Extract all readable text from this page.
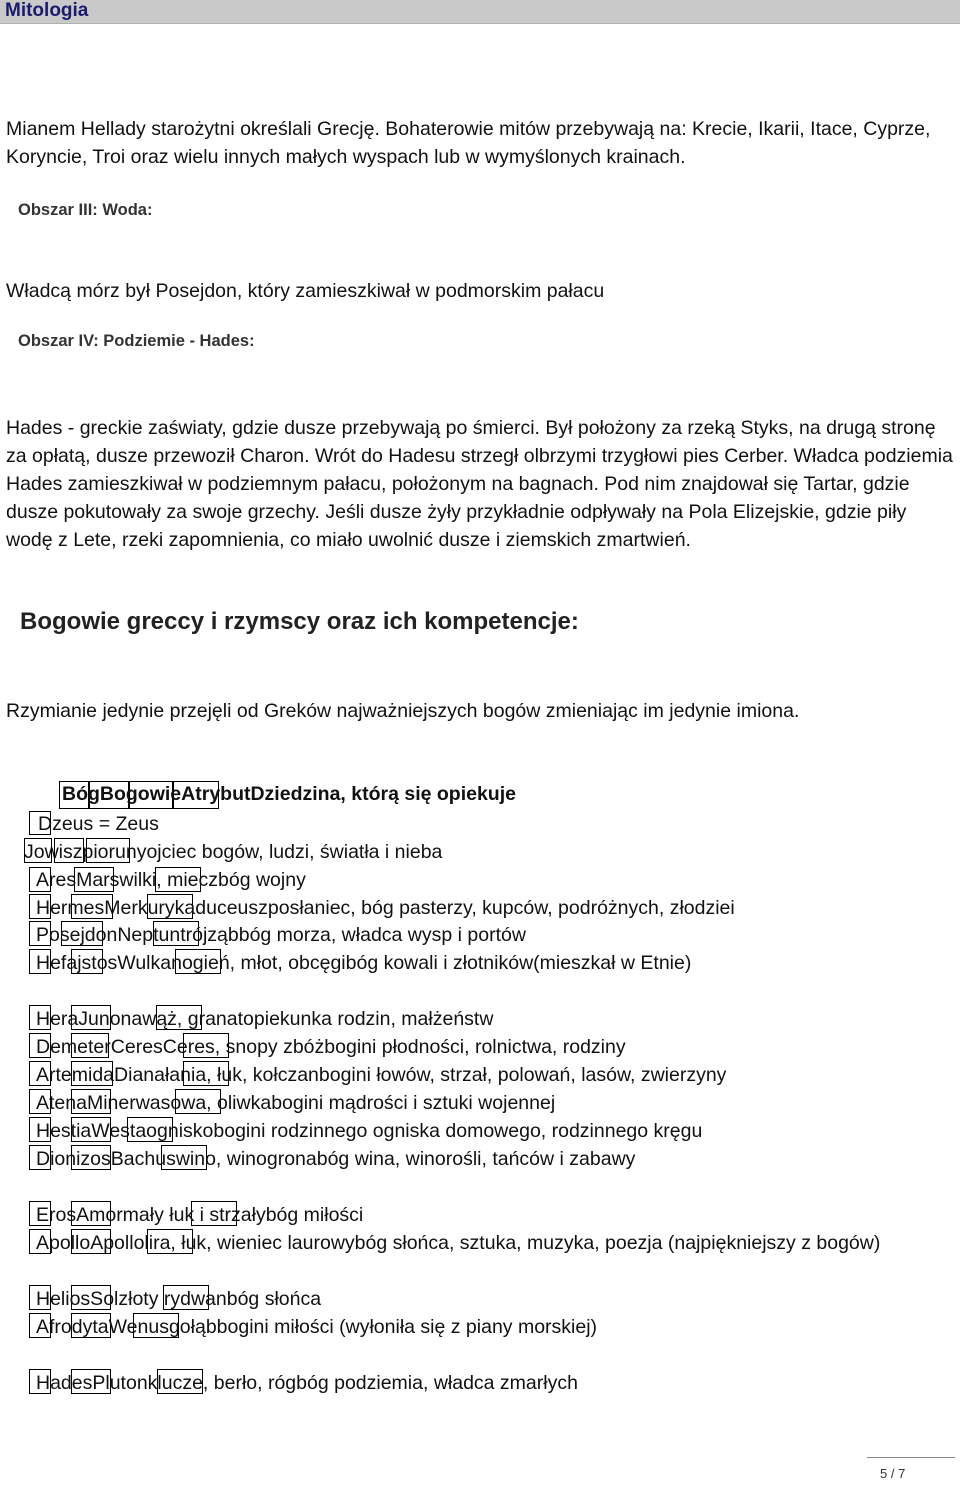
Mitologia

Mianem Hellady starożytni określali Grecję. Bohaterowie mitów przebywają na: Krecie, Ikarii, Itace, Cyprze, Koryncie, Troi oraz wielu innych małych wyspach lub w wymyślonych krainach.

Obszar III: Woda:

Władcą mórz był Posejdon, który zamieszkiwał w podmorskim pałacu

Obszar IV: Podziemie - Hades:

Hades - greckie zaświaty, gdzie dusze przebywają po śmierci. Był położony za rzeką Styks, na drugą stronę za opłatą, dusze przewoził Charon. Wrót do Hadesu strzegł olbrzymi trzygłowi pies Cerber. Władca podziemia Hades zamieszkiwał w podziemnym pałacu, położonym na bagnach. Pod nim znajdował się Tartar, gdzie dusze pokutowały za swoje grzechy. Jeśli dusze żyły przykładnie odpływały na Pola Elizejskie, gdzie piły wodę z Lete, rzeki zapomnienia, co miało uwolnić dusze i ziemskich zmartwień.

Bogowie greccy i rzymscy oraz ich kompetencje:

Rzymianie jedynie przejęli od Greków najważniejszych bogów zmieniając im jedynie imiona.

BógBogowieAtrybutDziedzina, którą się opiekuje
Dzeus = Zeus
Jowiszpiorunyojciec bogów, ludzi, światła i nieba
AresMarswilki, mieczbóg wojny
HermesMerkurykaduceuszposłaniec, bóg pasterzy, kupców, podróżnych, złodziei
PosejdonNeptuntrójząbbóg morza, władca wysp i portów
HefajstosWulkanogień, młot, obcęgibóg kowali i złotników(mieszkał w Etnie)
HeraJunonawąż, granatopiekunka rodzin, małżeństw
DemeterCeresCeres, snopy zbóżbogini płodności, rolnictwa, rodziny
ArtemidaDianałania, łuk, kołczanbogini łowów, strzał, polowań, lasów, zwierzyny
AtenaMinerwasowa, oliwkabogini mądrości i sztuki wojennej
HestiaWestaogniskobogini rodzinnego ogniska domowego, rodzinnego kręgu
DionizosBachuswino, winogronabóg wina, winorośli, tańców i zabawy
ErosAmormały łuk i strzałybóg miłości
ApolloApollolira, łuk, wieniec laurowybóg słońca, sztuka, muzyka, poezja (najpiękniejszy z bogów)
HeliosSolzłoty rydwanbóg słońca
AfrodytaWenusgołąbbogini miłości (wyłoniła się z piany morskiej)
HadesPlutonklucze, berło, rógbóg podziemia, władca zmarłych
5 / 7
